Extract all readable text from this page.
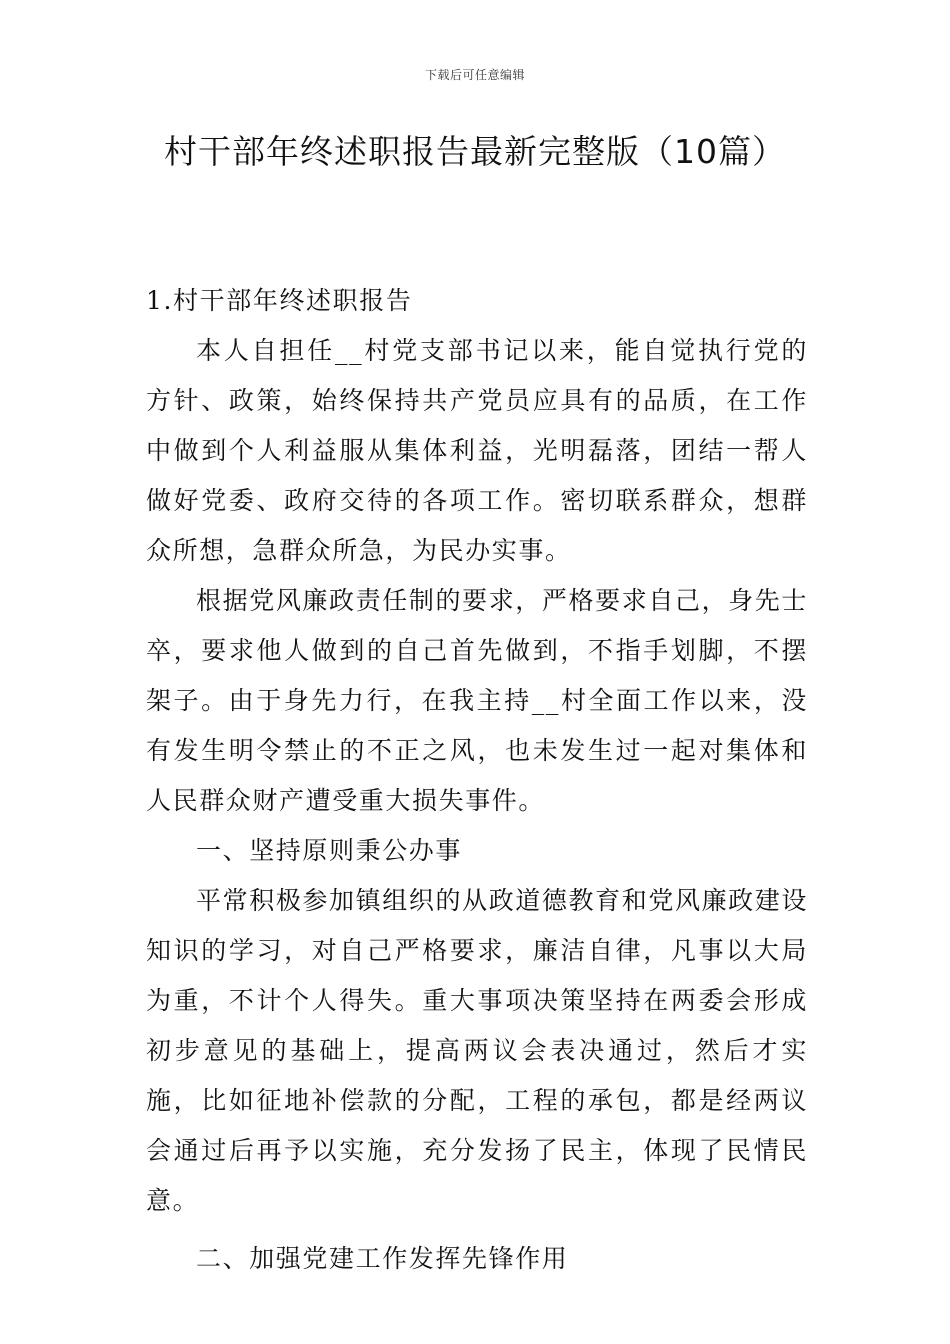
下载后可任意编辑
村干部年终述职报告最新完整版（10篇）

1.村干部年终述职报告

本人自担任__村党支部书记以来，能自觉执行党的方针、政策，始终保持共产党员应具有的品质，在工作中做到个人利益服从集体利益，光明磊落，团结一帮人做好党委、政府交待的各项工作。密切联系群众，想群众所想，急群众所急，为民办实事。

根据党风廉政责任制的要求，严格要求自己，身先士卒，要求他人做到的自己首先做到，不指手划脚，不摆架子。由于身先力行，在我主持__村全面工作以来，没有发生明令禁止的不正之风，也未发生过一起对集体和人民群众财产遭受重大损失事件。

一、坚持原则秉公办事

平常积极参加镇组织的从政道德教育和党风廉政建设知识的学习，对自己严格要求，廉洁自律，凡事以大局为重，不计个人得失。重大事项决策坚持在两委会形成初步意见的基础上，提高两议会表决通过，然后才实施，比如征地补偿款的分配，工程的承包，都是经两议会通过后再予以实施，充分发扬了民主，体现了民情民意。

二、加强党建工作发挥先锋作用
